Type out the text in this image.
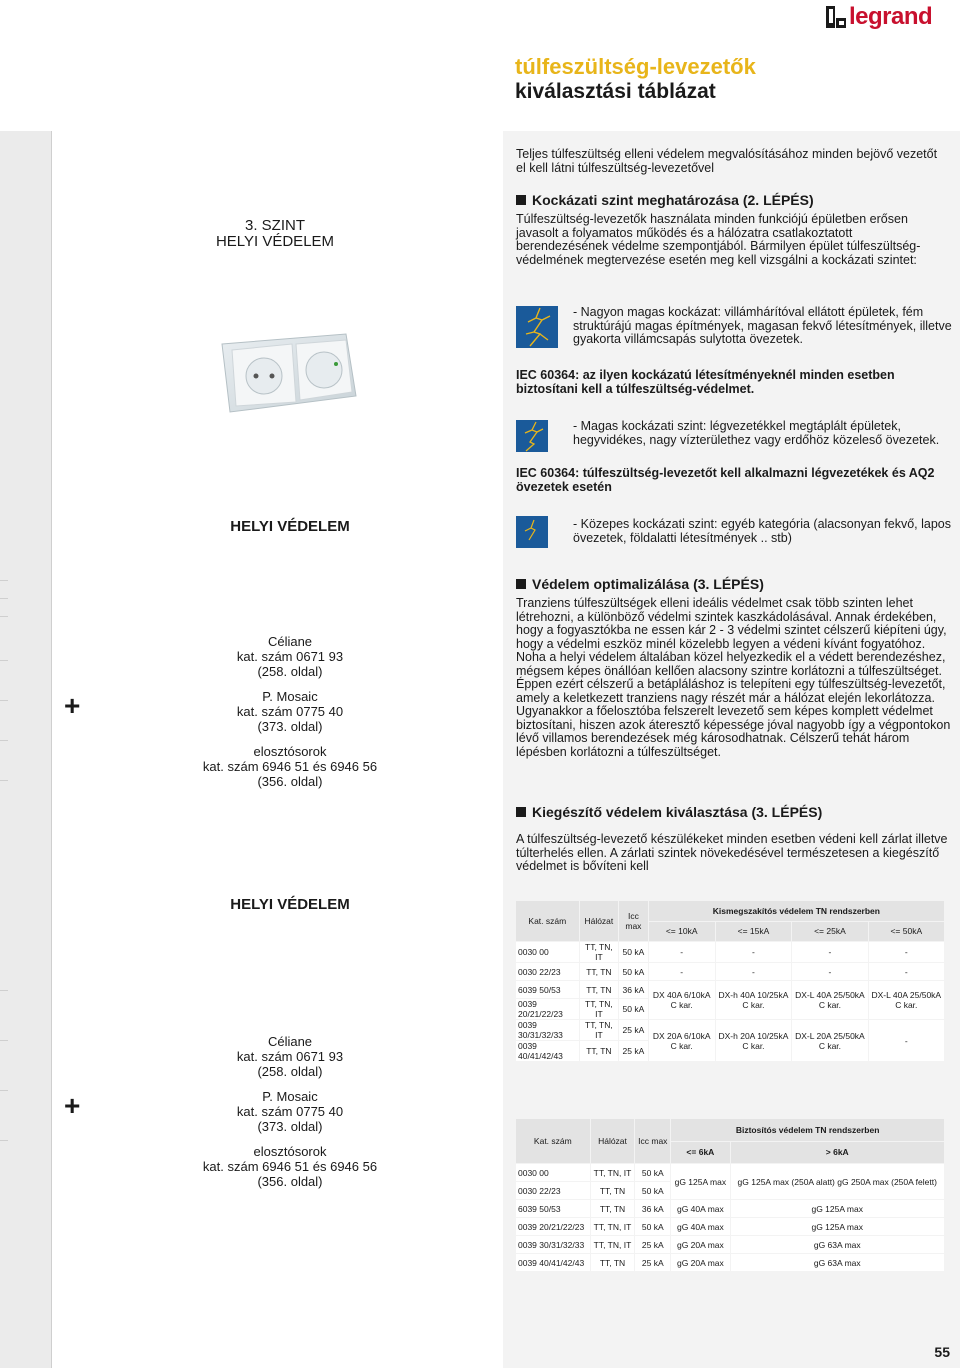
legrand
túlfeszültség-levezetők
kiválasztási táblázat
3. SZINT
HELYI VÉDELEM
HELYI VÉDELEM
+
Céliane
kat. szám 0671 93
(258. oldal)
P. Mosaic
kat. szám 0775 40
(373. oldal)
elosztósorok
kat. szám 6946 51 és 6946 56
(356. oldal)
HELYI VÉDELEM
+
Céliane
kat. szám 0671 93
(258. oldal)
P. Mosaic
kat. szám 0775 40
(373. oldal)
elosztósorok
kat. szám 6946 51 és 6946 56
(356. oldal)
Teljes túlfeszültség elleni védelem megvalósításához minden bejövő vezetőt el kell látni túlfeszültség-levezetővel
Kockázati szint meghatározása (2. LÉPÉS)
Túlfeszültség-levezetők használata minden funkciójú épületben erősen javasolt a folyamatos működés és a hálózatra csatlakoztatott berendezésének védelme szempontjából. Bármilyen épület túlfeszültség-védelmének megtervezése esetén meg kell vizsgálni a kockázati szintet:
- Nagyon magas kockázat: villámhárítóval ellátott épületek, fém struktúrájú magas építmények, magasan fekvő létesítmények, illetve gyakorta villámcsapás sulytotta övezetek.
IEC 60364: az ilyen kockázatú létesítményeknél minden esetben biztosítani kell a túlfeszültség-védelmet.
- Magas kockázati szint: légvezetékkel megtáplált épületek, hegyvidékes, nagy vízterülethez vagy erdőhöz közeleső övezetek.
IEC 60364: túlfeszültség-levezetőt kell alkalmazni légvezetékek és AQ2 övezetek esetén
- Közepes kockázati szint: egyéb kategória (alacsonyan fekvő, lapos övezetek, földalatti létesítmények .. stb)
Védelem optimalizálása (3. LÉPÉS)
Tranziens túlfeszültségek elleni ideális védelmet csak több szinten lehet létrehozni, a különböző védelmi szintek kaszkádolásával. Annak érdekében, hogy a fogyasztókba ne essen kár 2 - 3 védelmi szintet célszerű kiépíteni úgy, hogy a védelmi eszköz minél közelebb legyen a védeni kívánt fogyatóhoz. Noha a helyi védelem általában közel helyezkedik el a védett berendezéshez, mégsem képes önállóan kellően alacsony szintre korlátozni a túlfeszültséget. Éppen ezért célszerű a betápláláshoz is telepíteni egy túlfeszültség-levezetőt, amely a keletkezett tranziens nagy részét már a hálózat elején lekorlátozza. Ugyanakkor a főelosztóba felszerelt levezető sem képes komplett védelmet biztosítani, hiszen azok áteresztő képessége jóval nagyobb így a végpontokon lévő villamos berendezések még károsodhatnak. Célszerű tehát három lépésben korlátozni a túlfeszültséget.
Kiegészítő védelem kiválasztása (3. LÉPÉS)
A túlfeszültség-levezető készülékeket minden esetben védeni kell zárlat illetve túlterhelés ellen. A zárlati szintek növekedésével természetesen a kiegészítő védelmet is bővíteni kell
Kat. szám	Hálózat	Icc max	Kismegszakítós védelem TN rendszerben			
			<= 10kA	<= 15kA	<= 25kA	<= 50kA
0030 00	TT, TN, IT	50 kA	-	-	-	-
0030 22/23	TT, TN	50 kA	-	-	-	-
6039 50/53	TT, TN	36 kA	DX 40A 6/10kA C kar.	DX-h 40A 10/25kA C kar.	DX-L 40A 25/50kA C kar.	DX-L 40A 25/50kA C kar.
0039 20/21/22/23	TT, TN, IT	50 kA				
0039 30/31/32/33	TT, TN, IT	25 kA	DX 20A 6/10kA C kar.	DX-h 20A 10/25kA C kar.	DX-L 20A 25/50kA C kar.	-
0039 40/41/42/43	TT, TN	25 kA				
Kat. szám	Hálózat	Icc max	Biztosítós védelem TN rendszerben	
			<= 6kA	> 6kA
0030 00	TT, TN, IT	50 kA	gG 125A max	gG 125A max (250A alatt) gG 250A max (250A felett)
0030 22/23	TT, TN	50 kA		
6039 50/53	TT, TN	36 kA	gG 40A max	gG 125A max
0039 20/21/22/23	TT, TN, IT	50 kA	gG 40A max	gG 125A max
0039 30/31/32/33	TT, TN, IT	25 kA	gG 20A max	gG 63A max
0039 40/41/42/43	TT, TN	25 kA	gG 20A max	gG 63A max
55
